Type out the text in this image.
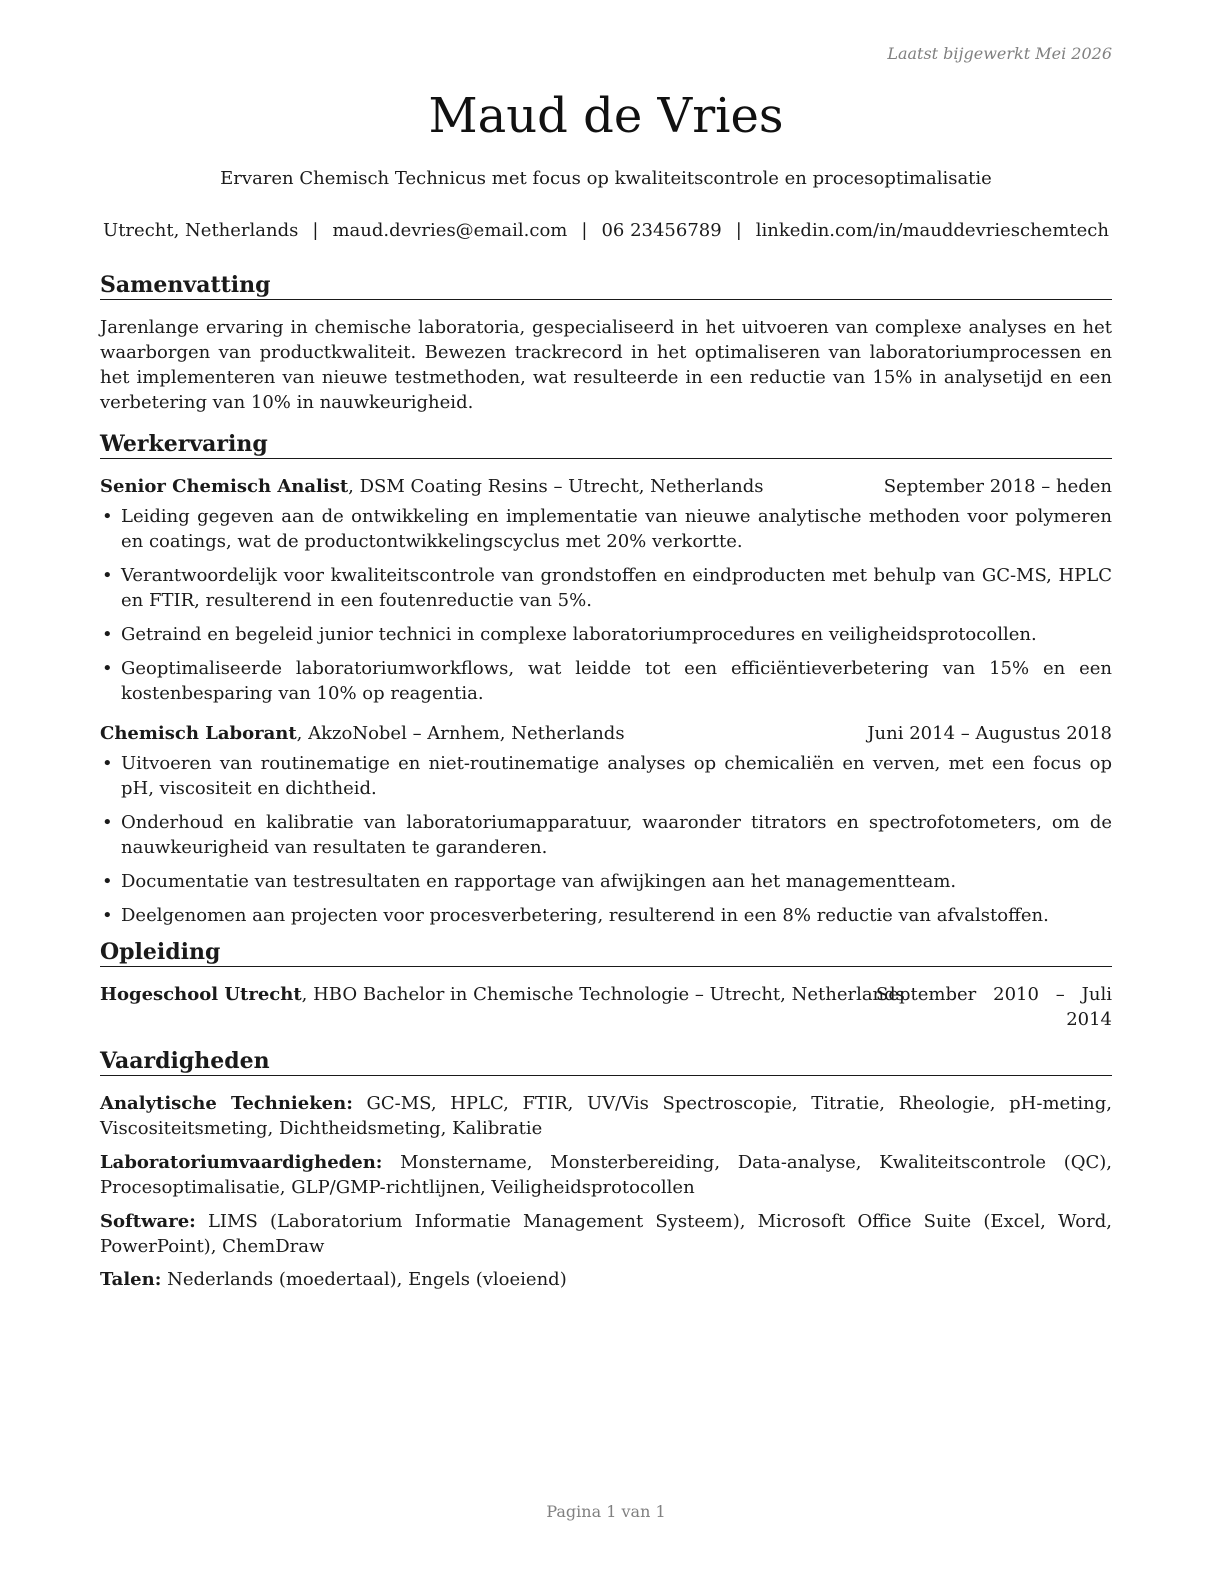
Laatst bijgewerkt Mei 2026
Maud de Vries
Ervaren Chemisch Technicus met focus op kwaliteitscontrole en procesoptimalisatie
Utrecht, Netherlands | maud.devries@email.com | 06 23456789 | linkedin.com/in/mauddevrieschemtech
Samenvatting

Jarenlange ervaring in chemische laboratoria, gespecialiseerd in het uitvoeren van complexe analyses en het waarborgen van productkwaliteit. Bewezen trackrecord in het optimaliseren van laboratoriumprocessen en het implementeren van nieuwe testmethoden, wat resulteerde in een reductie van 15% in analysetijd en een verbetering van 10% in nauwkeurigheid.

Werkervaring
Senior Chemisch Analist, DSM Coating Resins – Utrecht, Netherlands	September 2018 – heden
• Leiding gegeven aan de ontwikkeling en implementatie van nieuwe analytische methoden voor polymeren en coatings, wat de productontwikkelingscyclus met 20% verkortte.
• Verantwoordelijk voor kwaliteitscontrole van grondstoffen en eindproducten met behulp van GC-MS, HPLC en FTIR, resulterend in een foutenreductie van 5%.
• Getraind en begeleid junior technici in complexe laboratoriumprocedures en veiligheidsprotocollen.
• Geoptimaliseerde laboratoriumworkflows, wat leidde tot een efficiëntieverbetering van 15% en een kostenbesparing van 10% op reagentia.
Chemisch Laborant, AkzoNobel – Arnhem, Netherlands	Juni 2014 – Augustus 2018
• Uitvoeren van routinematige en niet-routinematige analyses op chemicaliën en verven, met een focus op pH, viscositeit en dichtheid.
• Onderhoud en kalibratie van laboratoriumapparatuur, waaronder titrators en spectrofotometers, om de nauwkeurigheid van resultaten te garanderen.
• Documentatie van testresultaten en rapportage van afwijkingen aan het managementteam.
• Deelgenomen aan projecten voor procesverbetering, resulterend in een 8% reductie van afvalstoffen.
Opleiding
Hogeschool Utrecht, HBO Bachelor in Chemische Technologie – Utrecht, Netherlands
September 2010 – Juli 2014
Vaardigheden

Analytische Technieken: GC-MS, HPLC, FTIR, UV/Vis Spectroscopie, Titratie, Rheologie, pH-meting, Viscositeitsmeting, Dichtheidsmeting, Kalibratie

Laboratoriumvaardigheden: Monstername, Monsterbereiding, Data-analyse, Kwaliteitscontrole (QC), Procesoptimalisatie, GLP/GMP-richtlijnen, Veiligheidsprotocollen

Software: LIMS (Laboratorium Informatie Management Systeem), Microsoft Office Suite (Excel, Word, PowerPoint), ChemDraw

Talen: Nederlands (moedertaal), Engels (vloeiend)

Pagina 1 van 1
